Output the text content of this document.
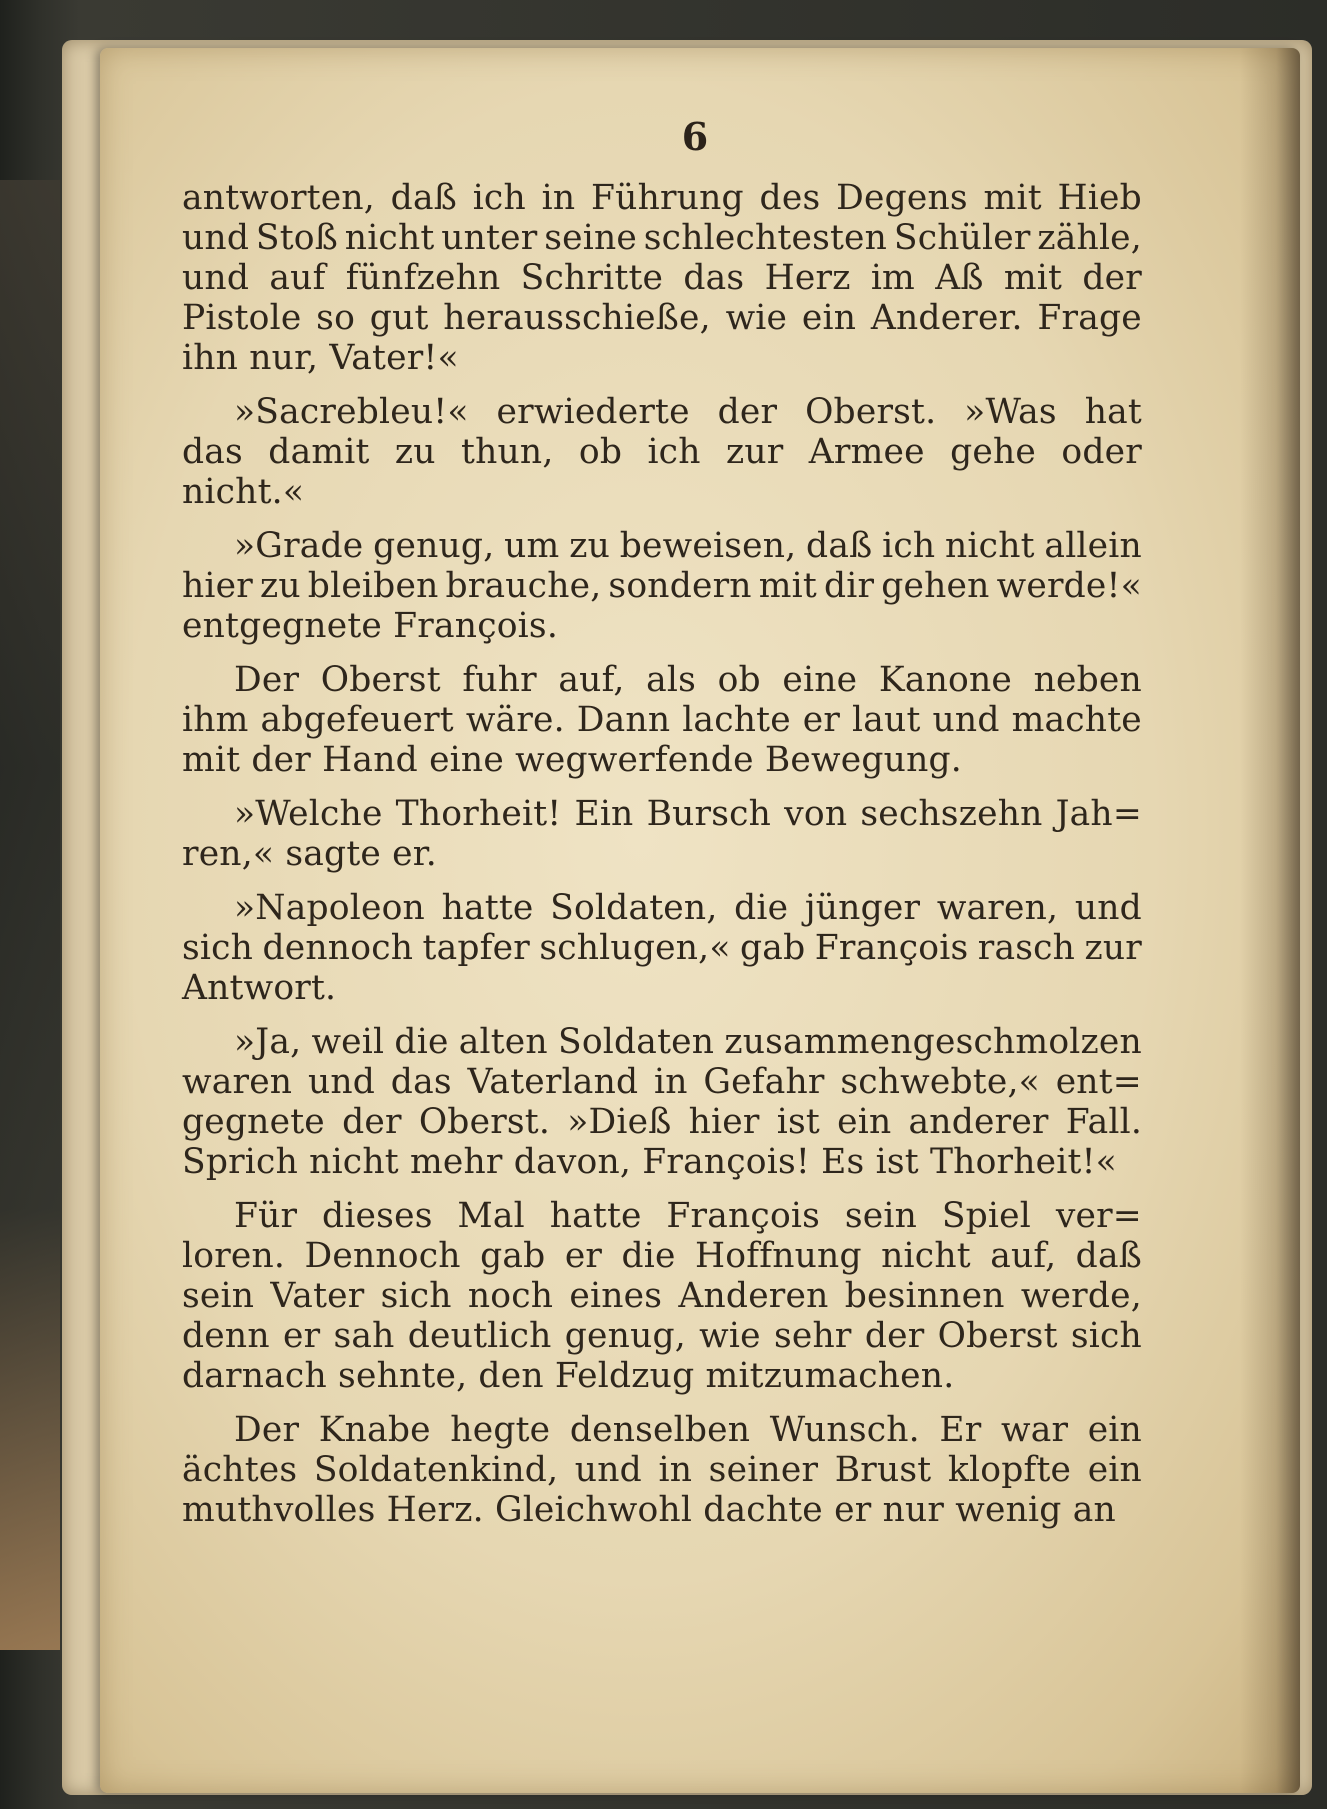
6
antworten, daß ich in Führung des Degens mit Hieb
und Stoß nicht unter seine schlechtesten Schüler zähle,
und auf fünfzehn Schritte das Herz im Aß mit der
Pistole so gut herausschieße, wie ein Anderer. Frage
ihn nur, Vater!«
»Sacrebleu!« erwiederte der Oberst. »Was hat
das damit zu thun, ob ich zur Armee gehe oder
nicht.«
»Grade genug, um zu beweisen, daß ich nicht allein
hier zu bleiben brauche, sondern mit dir gehen werde!«
entgegnete François.
Der Oberst fuhr auf, als ob eine Kanone neben
ihm abgefeuert wäre. Dann lachte er laut und machte
mit der Hand eine wegwerfende Bewegung.
»Welche Thorheit! Ein Bursch von sechszehn Jah=
ren,« sagte er.
»Napoleon hatte Soldaten, die jünger waren, und
sich dennoch tapfer schlugen,« gab François rasch zur
Antwort.
»Ja, weil die alten Soldaten zusammengeschmolzen
waren und das Vaterland in Gefahr schwebte,« ent=
gegnete der Oberst. »Dieß hier ist ein anderer Fall.
Sprich nicht mehr davon, François! Es ist Thorheit!«
Für dieses Mal hatte François sein Spiel ver=
loren. Dennoch gab er die Hoffnung nicht auf, daß
sein Vater sich noch eines Anderen besinnen werde,
denn er sah deutlich genug, wie sehr der Oberst sich
darnach sehnte, den Feldzug mitzumachen.
Der Knabe hegte denselben Wunsch. Er war ein
ächtes Soldatenkind, und in seiner Brust klopfte ein
muthvolles Herz. Gleichwohl dachte er nur wenig an
